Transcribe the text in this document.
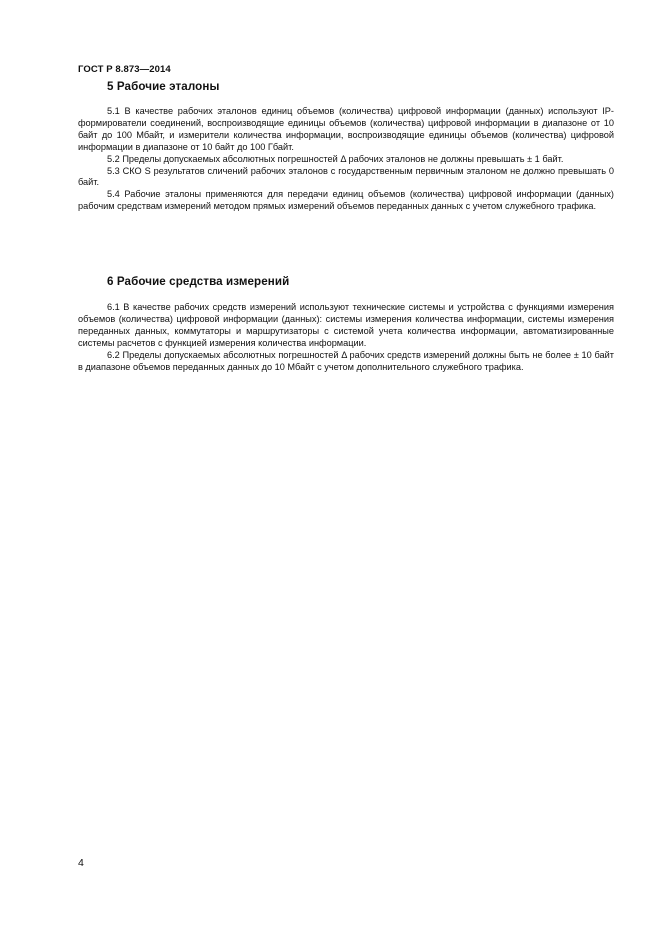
ГОСТ Р 8.873—2014
5 Рабочие эталоны

5.1 В качестве рабочих эталонов единиц объемов (количества) цифровой информации (данных) используют IP-формирователи соединений, воспроизводящие единицы объемов (количества) цифровой информации в диапазоне от 10 байт до 100 Мбайт, и измерители количества информации, воспроизводящие единицы объемов (количества) цифровой информации в диапазоне от 10 байт до 100 Гбайт.

5.2 Пределы допускаемых абсолютных погрешностей Δ рабочих эталонов не должны превышать ± 1 байт.

5.3 СКО S результатов сличений рабочих эталонов с государственным первичным эталоном не должно превышать 0 байт.

5.4 Рабочие эталоны применяются для передачи единиц объемов (количества) цифровой информации (данных) рабочим средствам измерений методом прямых измерений объемов переданных данных с учетом служебного трафика.

6 Рабочие средства измерений

6.1 В качестве рабочих средств измерений используют технические системы и устройства с функциями измерения объемов (количества) цифровой информации (данных): системы измерения количества информации, системы измерения переданных данных, коммутаторы и маршрутизаторы с системой учета количества информации, автоматизированные системы расчетов с функцией измерения количества информации.

6.2 Пределы допускаемых абсолютных погрешностей Δ рабочих средств измерений должны быть не более ± 10 байт в диапазоне объемов переданных данных до 10 Мбайт с учетом дополнительного служебного трафика.

4
